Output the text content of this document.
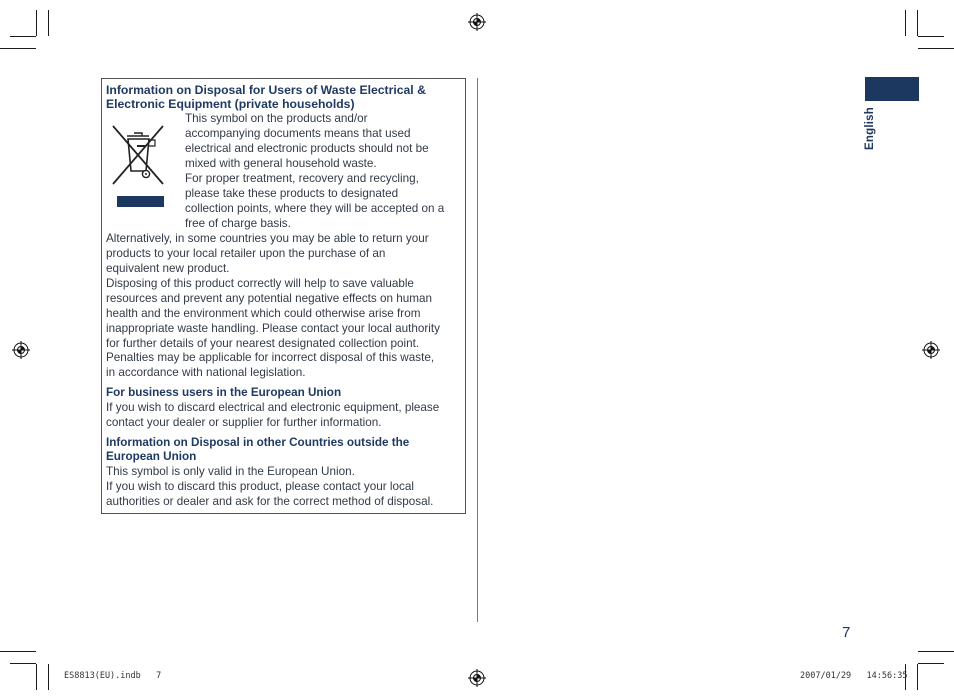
Information on Disposal for Users of Waste Electrical & Electronic Equipment (private households)
This symbol on the products and/or
accompanying documents means that used
electrical and electronic products should not be
mixed with general household waste.
For proper treatment, recovery and recycling,
please take these products to designated
collection points, where they will be accepted on a
free of charge basis.
Alternatively, in some countries you may be able to return your
products to your local retailer upon the purchase of an
equivalent new product.
Disposing of this product correctly will help to save valuable
resources and prevent any potential negative effects on human
health and the environment which could otherwise arise from
inappropriate waste handling. Please contact your local authority
for further details of your nearest designated collection point.
Penalties may be applicable for incorrect disposal of this waste,
in accordance with national legislation.
For business users in the European Union
If you wish to discard electrical and electronic equipment, please
contact your dealer or supplier for further information.
Information on Disposal in other Countries outside the
European Union
This symbol is only valid in the European Union.
If you wish to discard this product, please contact your local
authorities or dealer and ask for the correct method of disposal.
English
7
ES8813(EU).indb   7	2007/01/29   14:56:35
